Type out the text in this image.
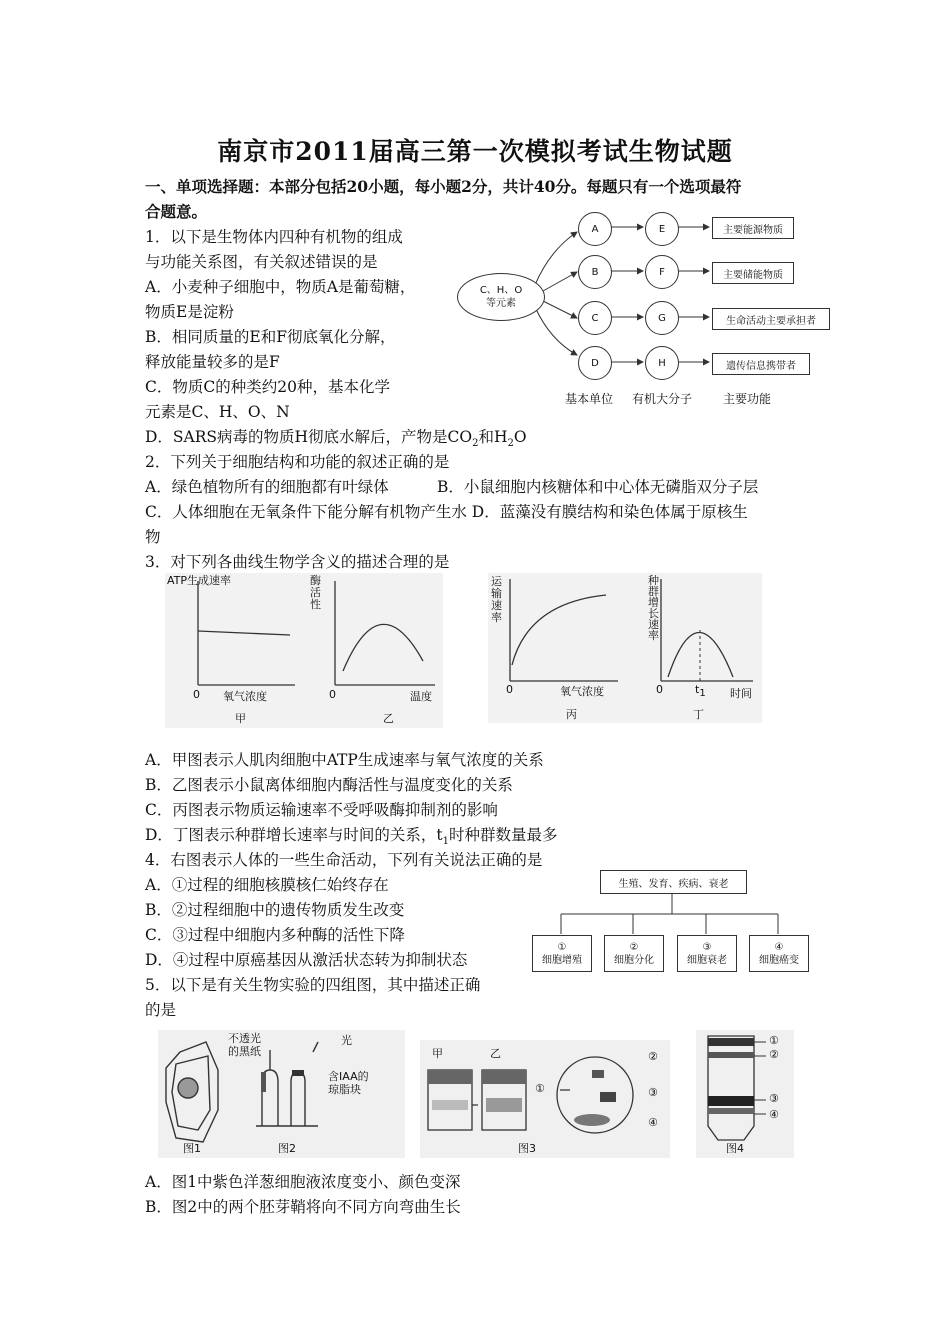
南京市2011届高三第一次模拟考试生物试题
一、单项选择题：本部分包括20小题，每小题2分，共计40分。每题只有一个选项最符
合题意。
1．以下是生物体内四种有机物的组成
与功能关系图，有关叙述错误的是
A．小麦种子细胞中，物质A是葡萄糖，
物质E是淀粉
B．相同质量的E和F彻底氧化分解，
释放能量较多的是F
C．物质C的种类约20种，基本化学
元素是C、H、O、N
D．SARS病毒的物质H彻底水解后，产物是$CO_2$和$H_2O$
C、H、O
等元素
A
B
C
D
E
F
G
H
主要能源物质
主要储能物质
生命活动主要承担者
遗传信息携带者
基本单位 有机大分子	主要功能
2．下列关于细胞结构和功能的叙述正确的是
A．绿色植物所有的细胞都有叶绿体	B．小鼠细胞内核糖体和中心体无磷脂双分子层
C．人体细胞在无氧条件下能分解有机物产生水 D．蓝藻没有膜结构和染色体属于原核生
物
3．对下列各曲线生物学含义的描述合理的是
ATP生成速率
0 氧气浓度
甲
酶活性
0	温度
乙
运输速率
0	氧气浓度
丙
种群增长速率
0	$t_1$ 时间
丁
A．甲图表示人肌肉细胞中ATP生成速率与氧气浓度的关系
B．乙图表示小鼠离体细胞内酶活性与温度变化的关系
C．丙图表示物质运输速率不受呼吸酶抑制剂的影响
D．丁图表示种群增长速率与时间的关系，$t_1$时种群数量最多
4．右图表示人体的一些生命活动，下列有关说法正确的是
A．①过程的细胞核膜核仁始终存在
B．②过程细胞中的遗传物质发生改变
C．③过程中细胞内多种酶的活性下降
D．④过程中原癌基因从激活状态转为抑制状态
生殖、发育、疾病、衰老
①
细胞增殖
②
细胞分化
③
细胞衰老
④
细胞癌变
5．以下是有关生物实验的四组图，其中描述正确
的是
不透光
的黑纸
光
含IAA的
琼脂块
图1	图2
甲	乙
①
②
③
④
图3
①
②
③
④
图4
A．图1中紫色洋葱细胞液浓度变小、颜色变深
B．图2中的两个胚芽鞘将向不同方向弯曲生长
